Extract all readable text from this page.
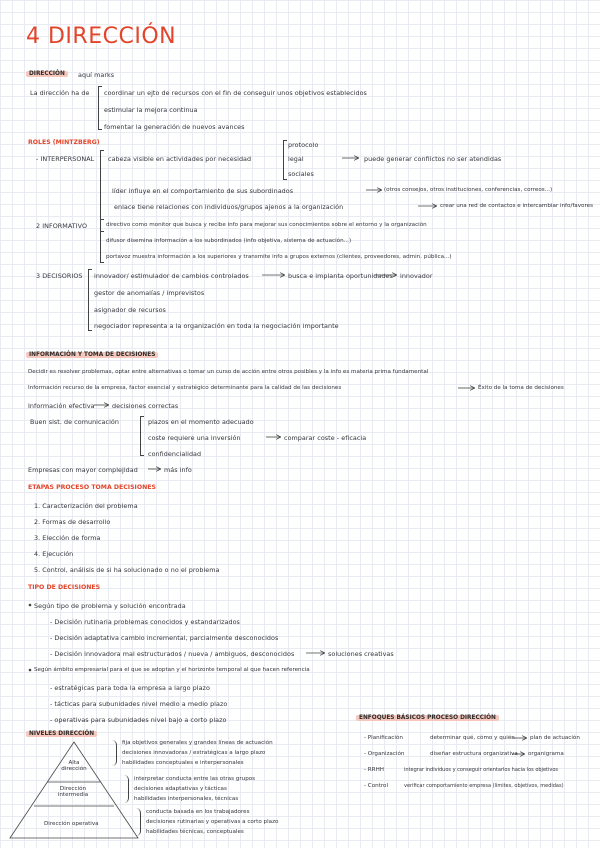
4 DIRECCIÓN
DIRECCIÓN	aquí marks
La dirección ha de coordinar un ejto de recursos con el fin de conseguir unos objetivos establecidos
estimular la mejora continua
fomentar la generación de nuevos avances
ROLES (MINTZBERG)
- INTERPERSONAL cabeza visible en actividades por necesidad
protocolo
legal
sociales
puede generar conflictos no ser atendidas
líder influye en el comportamiento de sus subordinados	(otros consejos, otros instituciones, conferencias, correos...)
enlace tiene relaciones con individuos/grupos ajenos a la organización	crear una red de contactos e intercambiar info/favores
2 INFORMATIVO	directivo como monitor que busca y recibe info para mejorar sus conocimientos sobre el entorno y la organización
difusor disemina información a los subordinados (info objetiva, sistema de actuación...)
portavoz muestra información a los superiores y transmite info a grupos externos (clientes, proveedores, admin. pública...)
3 DECISORIOS innovador/ estimulador de cambios controlados	busca e implanta oportunidades innovador
gestor de anomalías / imprevistos
asignador de recursos
negociador representa a la organización en toda la negociación importante
INFORMACIÓN Y TOMA DE DECISIONES
Decidir es resolver problemas, optar entre alternativas o tomar un curso de acción entre otros posibles y la info es materia prima fundamental
Información recurso de la empresa, factor esencial y estratégico determinante para la calidad de las decisiones	Éxito de la toma de decisiones
Información efectiva	decisiones correctas
Buen sist. de comunicación	plazos en el momento adecuado
coste requiere una inversión	comparar coste - eficacia
confidencialidad
Empresas con mayor complejidad	más info
ETAPAS PROCESO TOMA DECISIONES
1. Caracterización del problema
2. Formas de desarrollo
3. Elección de forma
4. Ejecución
5. Control, análisis de si ha solucionado o no el problema
TIPO DE DECISIONES
Según tipo de problema y solución encontrada
- Decisión rutinaria problemas conocidos y estandarizados
- Decisión adaptativa cambio incremental, parcialmente desconocidos
- Decisión innovadora mal estructurados / nueva / ambiguos, desconocidos	soluciones creativas
Según ámbito empresarial para el que se adoptan y el horizonte temporal al que hacen referencia
- estratégicas para toda la empresa a largo plazo
- tácticas para subunidades nivel medio a medio plazo
- operativas para subunidades nivel bajo a corto plazo
NIVELES DIRECCIÓN
Alta dirección
Dirección intermedia
Dirección operativa
fija objetivos generales y grandes líneas de actuación
decisiones innovadoras / estratégicas a largo plazo
habilidades conceptuales e interpersonales
interpretar conducta entre las otras grupos
decisiones adaptativas y tácticas
habilidades interpersonales, técnicas
conducta basada en los trabajadores
decisiones rutinarias y operativas a corto plazo
habilidades técnicas, conceptuales
ENFOQUES BÁSICOS PROCESO DIRECCIÓN
- Planificación	determinar qué, cómo y quién	plan de actuación
- Organización	diseñar estructura organizativa organigrama
- RRHH	integrar individuos y conseguir orientarlos hacia los objetivos
- Control	verificar comportamiento empresa (límites, objetivos, medidas)
